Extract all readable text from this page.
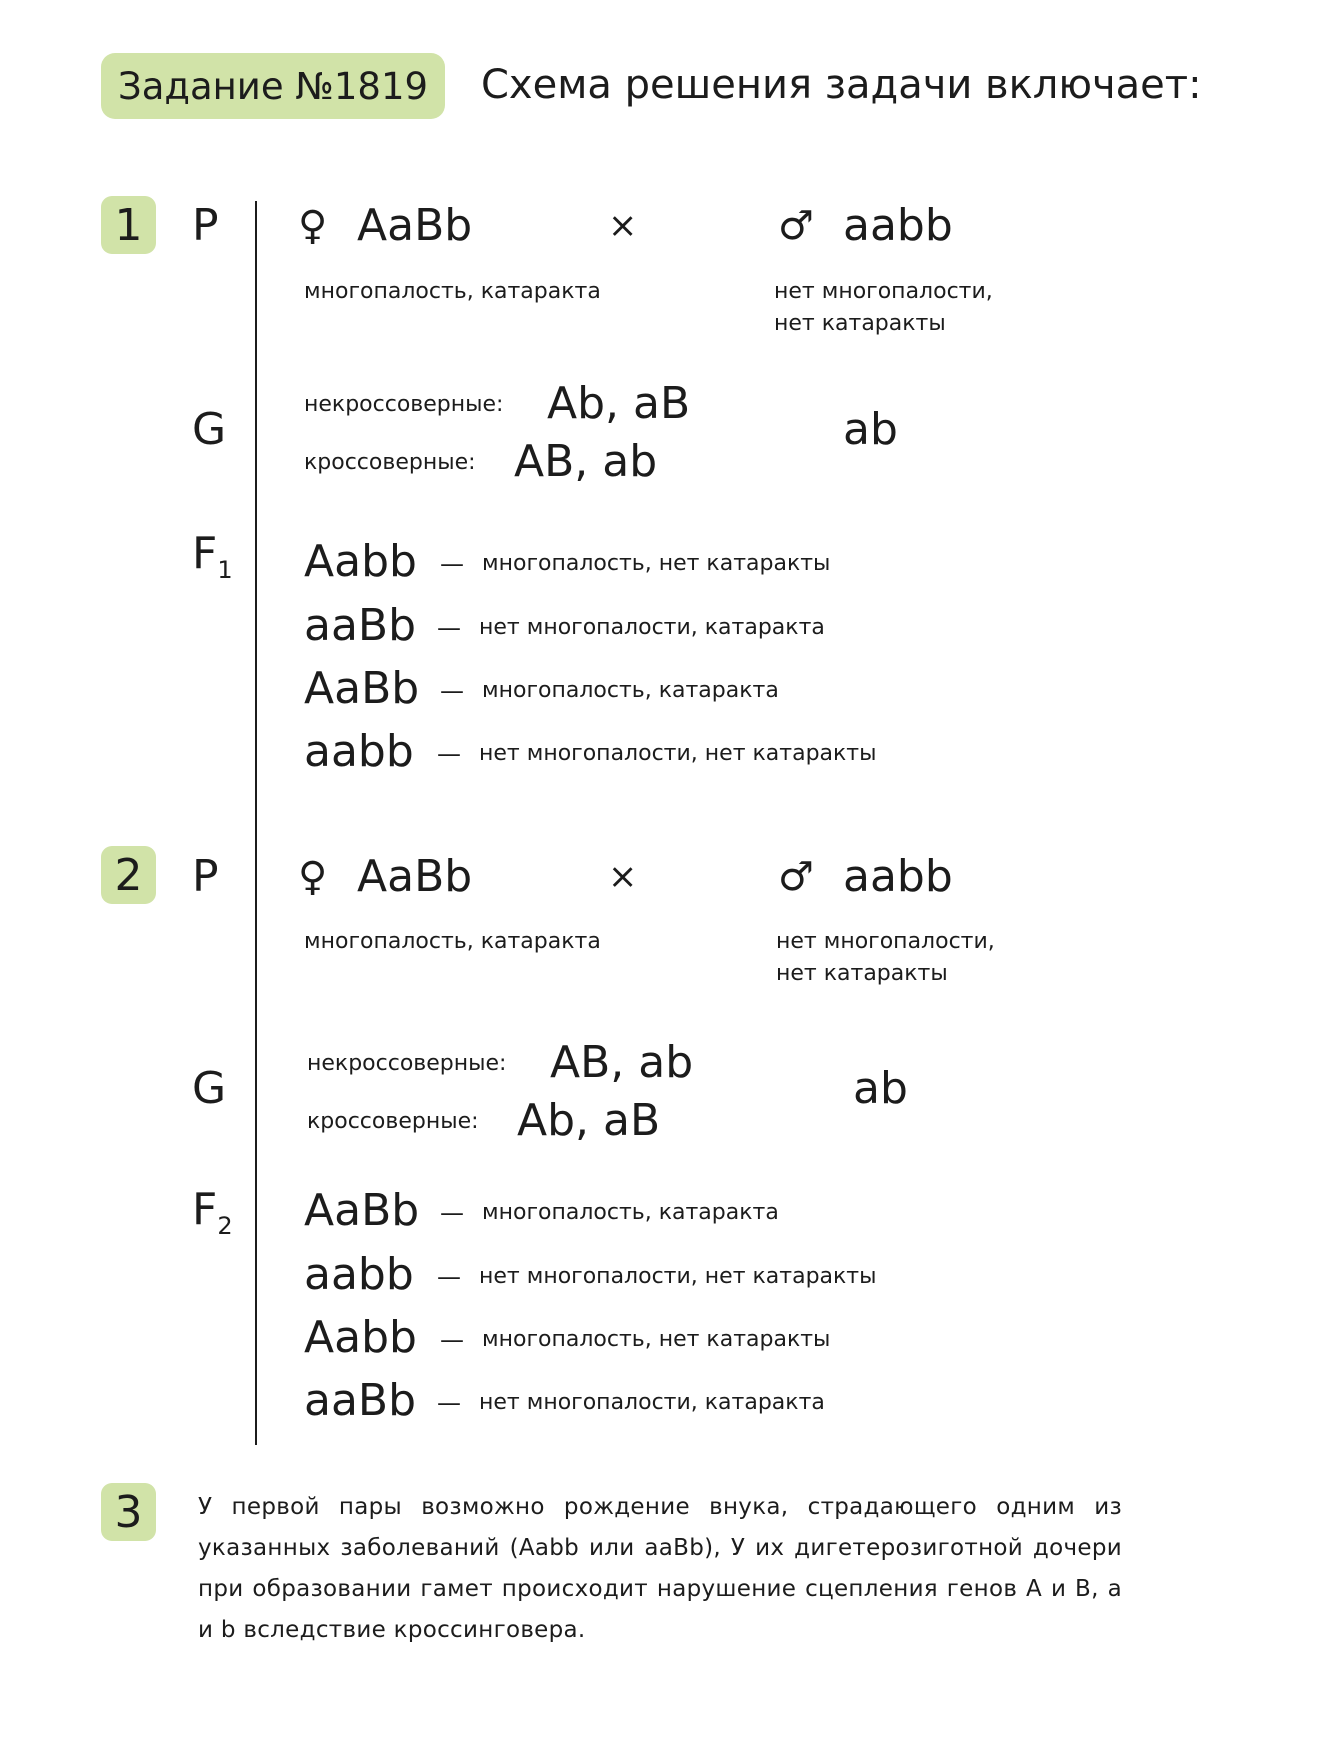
Задание №1819	Схема решения задачи включает:
1	P ♀ AaBb	×	♂ aabb
многопалость, катаракта	нет многопалости, нет катаракты
G	некроссоверные: Ab, aB
кроссоверные: AB, ab
ab
$F_1$ Aabb — многопалость, нет катаракты
aaBb — нет многопалости, катаракта
AaBb — многопалость, катаракта
aabb — нет многопалости, нет катаракты
2	P ♀ AaBb	×	♂ aabb
многопалость, катаракта	нет многопалости, нет катаракты
G	некроссоверные: AB, ab
кроссоверные: Ab, aB
ab
$F_2$ AaBb — многопалость, катаракта
aabb — нет многопалости, нет катаракты
Aabb — многопалость, нет катаракты
aaBb — нет многопалости, катаракта
3	У первой пары возможно рождение внука, страдающего одним из указанных заболеваний (Aabb или aaBb), У их дигетерозиготной дочери при образовании гамет происходит нарушение сцепления генов A и B, a и b вследствие кроссинговера.
